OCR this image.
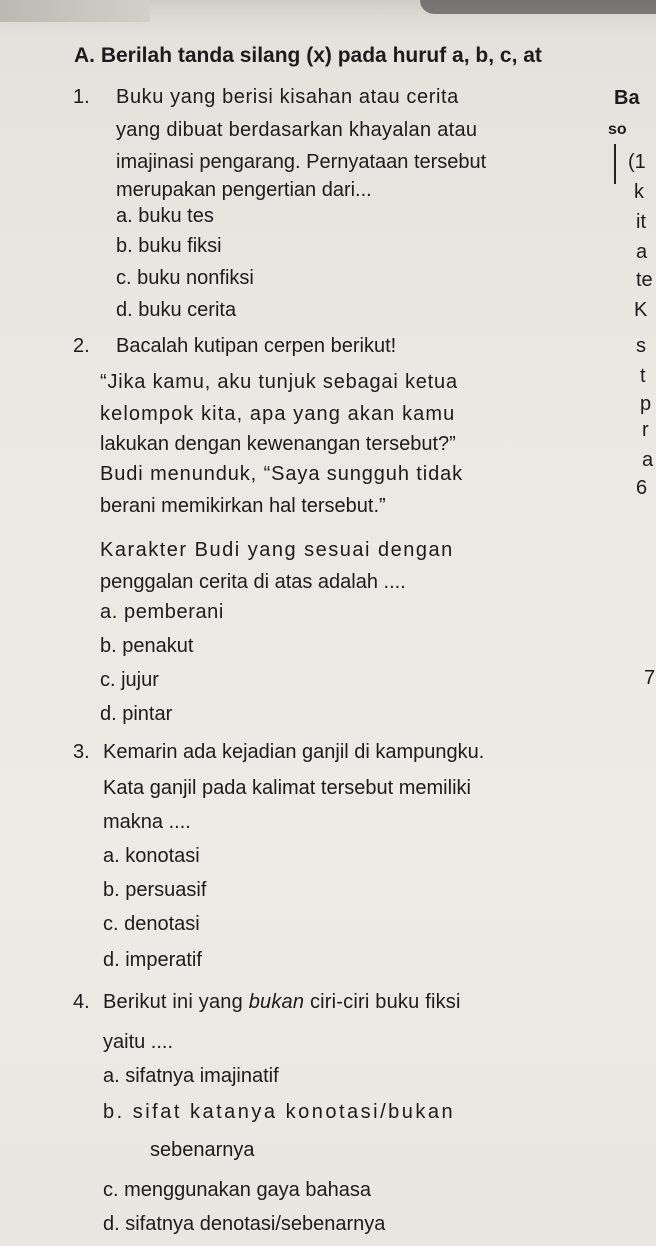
A. Berilah tanda silang (x) pada huruf a, b, c, at
1. Buku yang berisi kisahan atau cerita
yang dibuat berdasarkan khayalan atau
imajinasi pengarang. Pernyataan tersebut
merupakan pengertian dari...
a. buku tes
b. buku fiksi
c. buku nonfiksi
d. buku cerita
2. Bacalah kutipan cerpen berikut!
“Jika kamu, aku tunjuk sebagai ketua
kelompok kita, apa yang akan kamu
lakukan dengan kewenangan tersebut?”
Budi menunduk, “Saya sungguh tidak
berani memikirkan hal tersebut.”
Karakter Budi yang sesuai dengan
penggalan cerita di atas adalah ....
a. pemberani
b. penakut
c. jujur
d. pintar
3. Kemarin ada kejadian ganjil di kampungku.
Kata ganjil pada kalimat tersebut memiliki
makna ....
a. konotasi
b. persuasif
c. denotasi
d. imperatif
4. Berikut ini yang bukan ciri-ciri buku fiksi
yaitu ....
a. sifatnya imajinatif
b. sifat katanya konotasi/bukan
sebenarnya
c. menggunakan gaya bahasa
d. sifatnya denotasi/sebenarnya
Ba
so
(1
k
it
a
te
K
s
t
p
r
a
6
7
